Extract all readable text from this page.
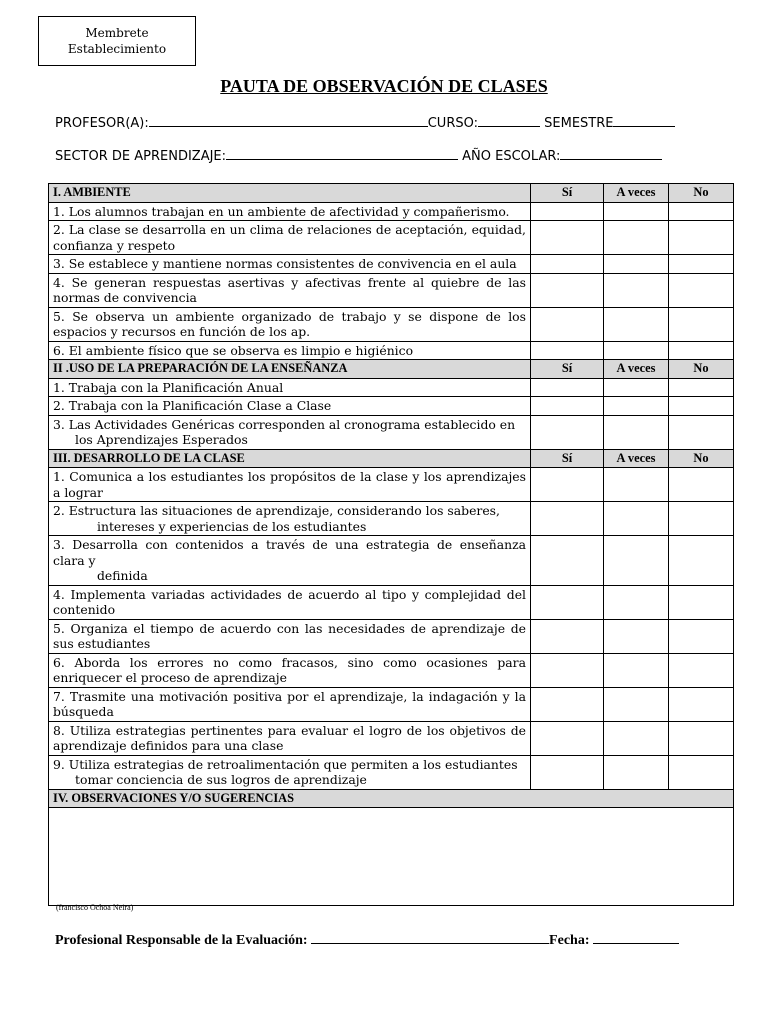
Membrete
Establecimiento
PAUTA DE OBSERVACIÓN DE CLASES
PROFESOR(A):	CURSO:	SEMESTRE
SECTOR DE APRENDIZAJE:	AÑO ESCOLAR:
I. AMBIENTE	Sí	A veces	No
1. Los alumnos trabajan en un ambiente de afectividad y compañerismo.			
2. La clase se desarrolla en un clima de relaciones de aceptación, equidad, confianza y respeto			
3. Se establece y mantiene normas consistentes de convivencia en el aula			
4. Se generan respuestas asertivas y afectivas frente al quiebre de las normas de convivencia			
5. Se observa un ambiente organizado de trabajo y se dispone de los espacios y recursos en función de los ap.			
6. El ambiente físico que se observa es limpio e higiénico			
II .USO DE LA PREPARACIÓN DE LA ENSEÑANZA	Sí	A veces	No
1. Trabaja con la Planificación Anual			
2. Trabaja con la Planificación Clase a Clase			

3. Las Actividades Genéricas corresponden al cronograma establecido en
los Aprendizajes Esperados			

III. DESARROLLO DE LA CLASE	Sí	A veces	No
1. Comunica a los estudiantes los propósitos de la clase y los aprendizajes a lograr			

2. Estructura las situaciones de aprendizaje, considerando los saberes,
intereses y experiencias de los estudiantes			

3. Desarrolla con contenidos a través de una estrategia de enseñanza clara y
definida			

4. Implementa variadas actividades de acuerdo al tipo y complejidad del contenido			
5. Organiza el tiempo de acuerdo con las necesidades de aprendizaje de sus estudiantes			
6. Aborda los errores no como fracasos, sino como ocasiones para enriquecer el proceso de aprendizaje			
7. Trasmite una motivación positiva por el aprendizaje, la indagación y la búsqueda			
8. Utiliza estrategias pertinentes para evaluar el logro de los objetivos de aprendizaje definidos para una clase			

9. Utiliza estrategias de retroalimentación que permiten a los estudiantes
tomar conciencia de sus logros de aprendizaje			

IV. OBSERVACIONES Y/O SUGERENCIAS			

(francisco Ochoa Neira)
Profesional Responsable de la Evaluación:	Fecha:
